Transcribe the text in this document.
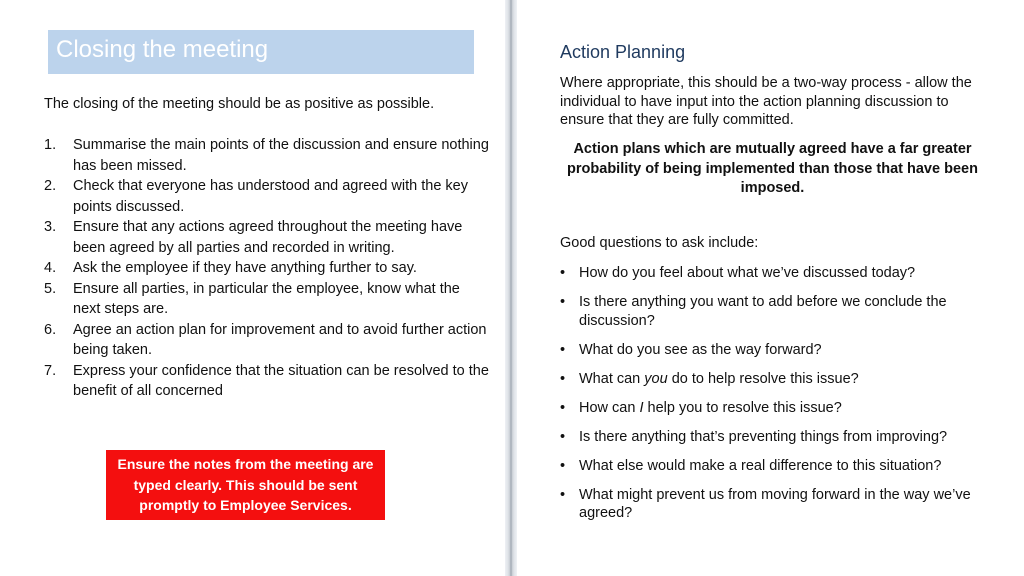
Closing the meeting
The closing of the meeting should be as positive as possible.
1. Summarise the main points of the discussion and ensure nothing has been missed.
2. Check that everyone has understood and agreed with the key points discussed.
3. Ensure that any actions agreed throughout the meeting have been agreed by all parties and recorded in writing.
4. Ask the employee if they have anything further to say.
5. Ensure all parties, in particular the employee, know what the next steps are.
6. Agree an action plan for improvement and to avoid further action being taken.
7. Express your confidence that the situation can be resolved to the benefit of all concerned
Ensure the notes from the meeting are typed clearly. This should be sent promptly to Employee Services.
Action Planning
Where appropriate, this should be a two-way process - allow the individual to have input into the action planning discussion to ensure that they are fully committed.
Action plans which are mutually agreed have a far greater probability of being implemented than those that have been imposed.
Good questions to ask include:
• How do you feel about what we’ve discussed today?
• Is there anything you want to add before we conclude the discussion?
• What do you see as the way forward?
• What can you do to help resolve this issue?
• How can I help you to resolve this issue?
• Is there anything that’s preventing things from improving?
• What else would make a real difference to this situation?
• What might prevent us from moving forward in the way we’ve agreed?
